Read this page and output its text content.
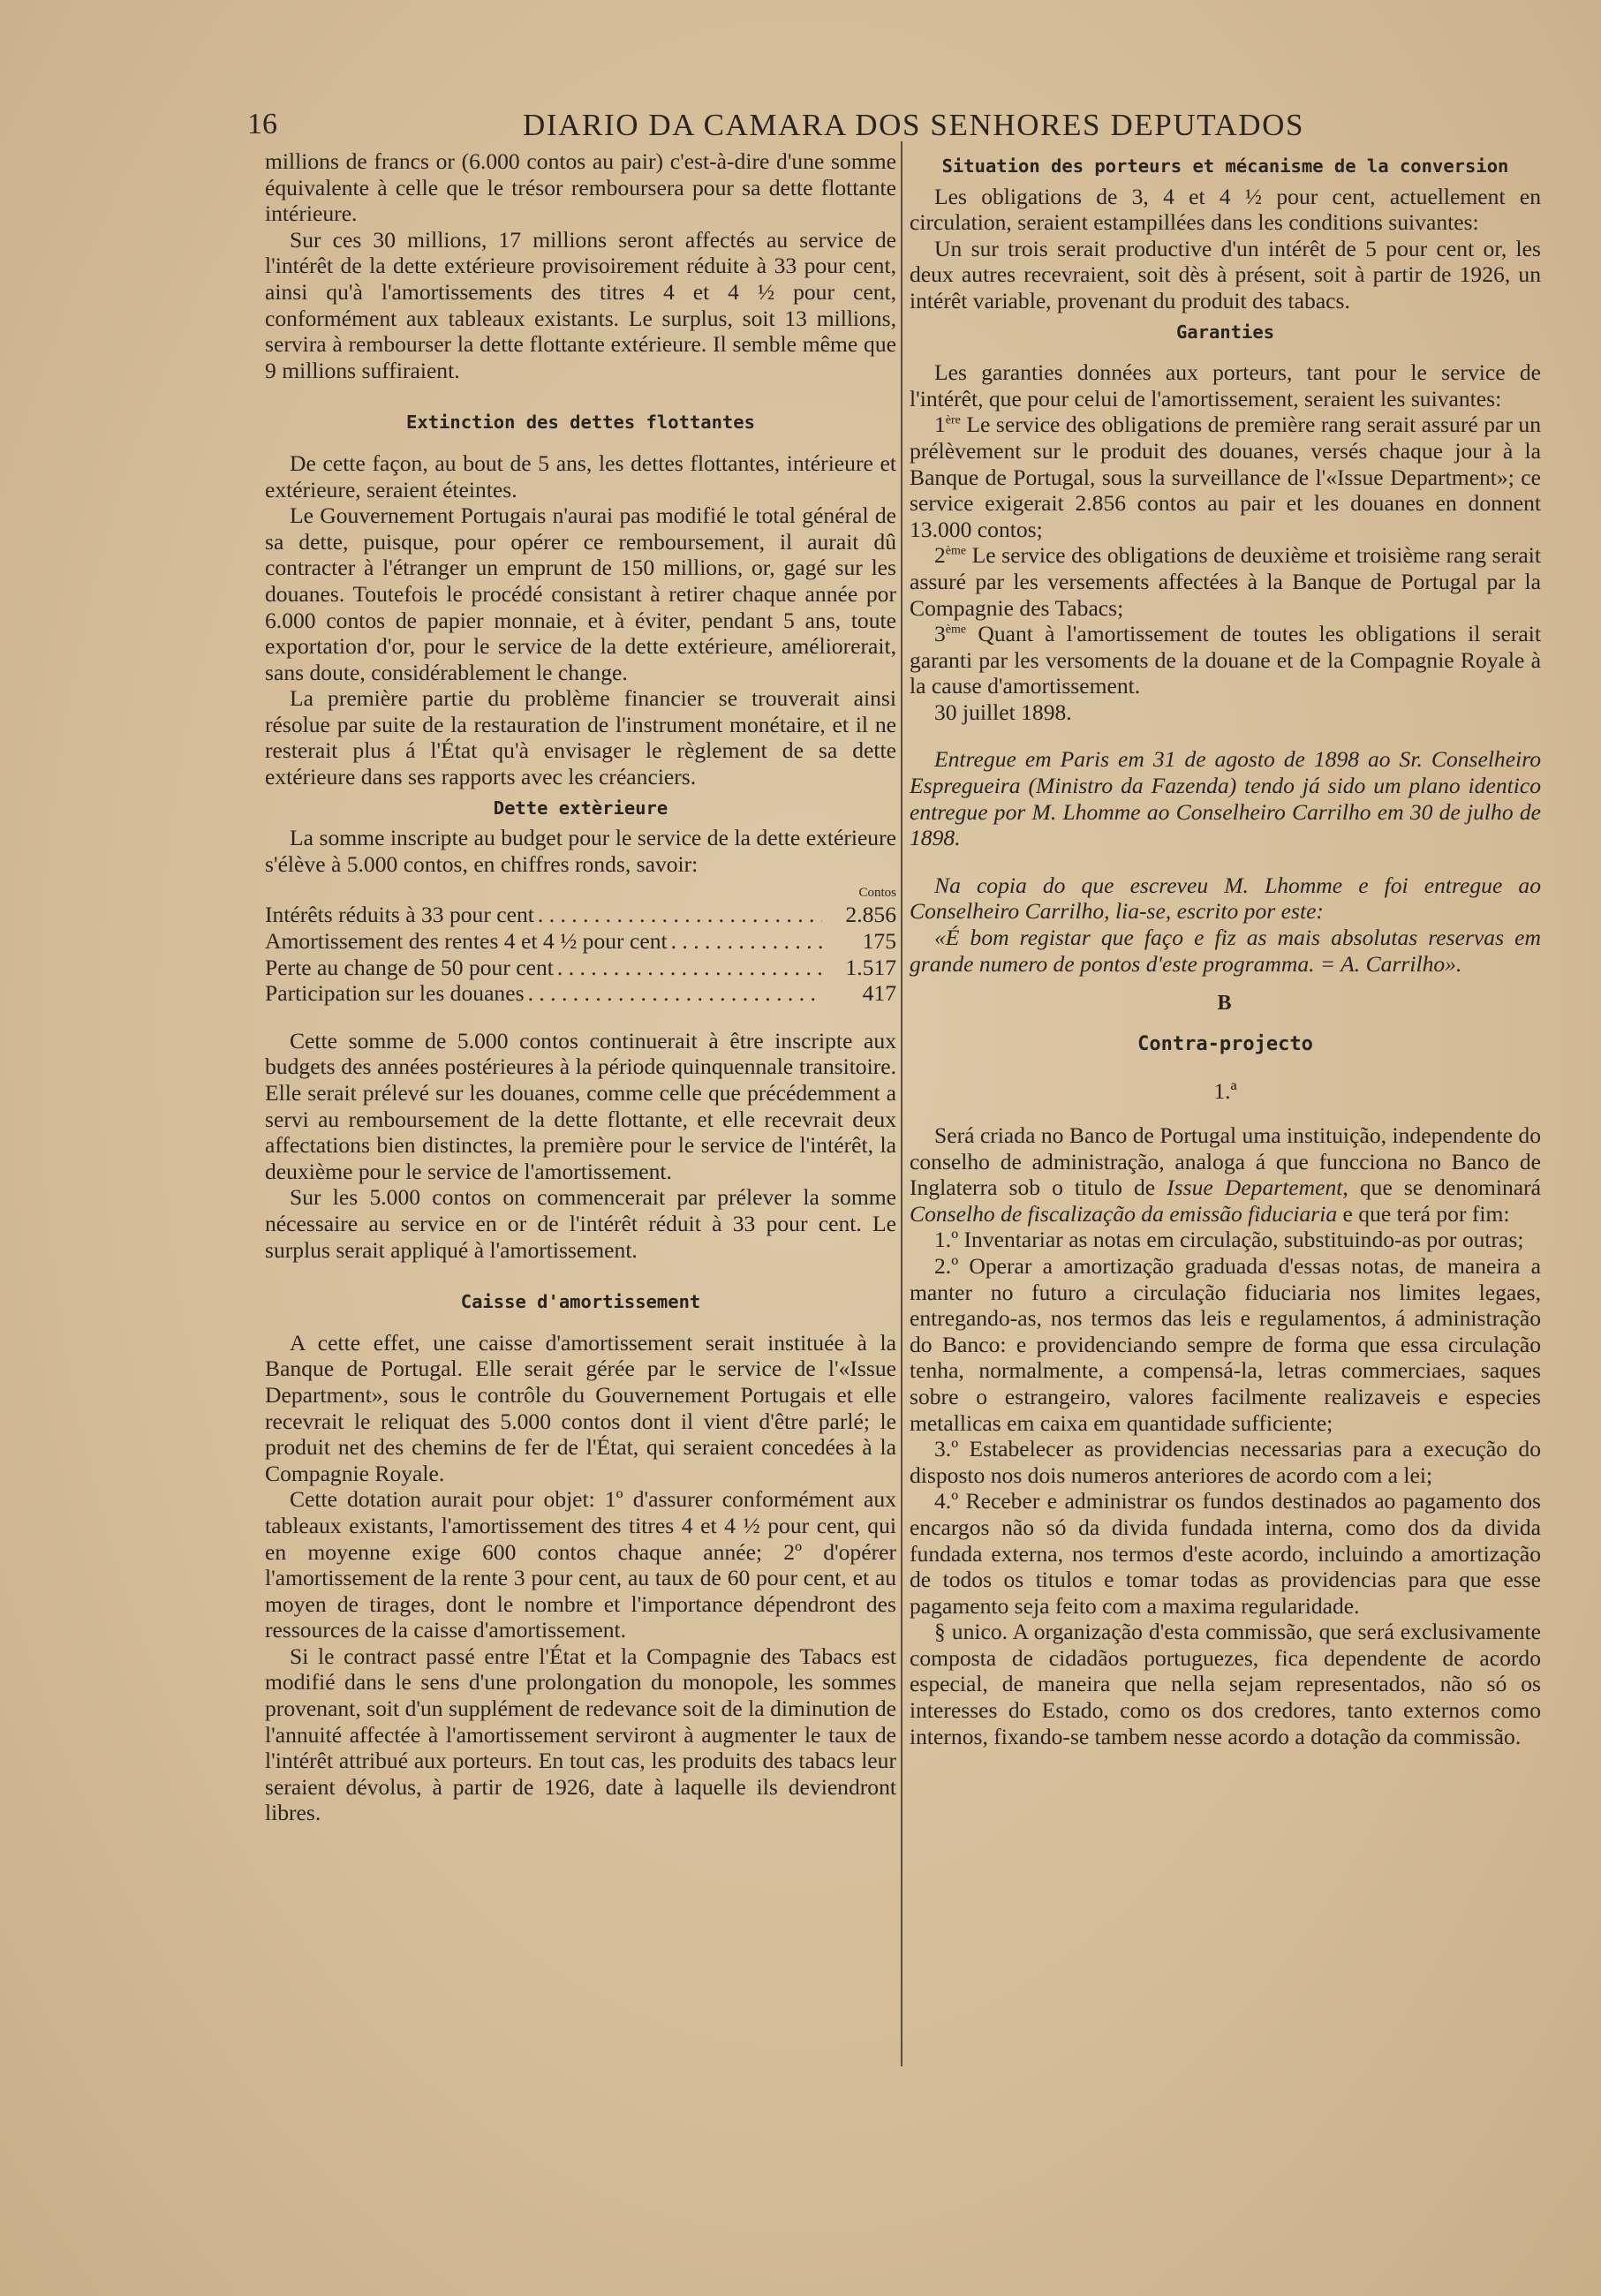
16	DIARIO DA CAMARA DOS SENHORES DEPUTADOS

millions de francs or (6.000 contos au pair) c'est-à-dire d'une somme équivalente à celle que le trésor remboursera pour sa dette flottante intérieure.

Sur ces 30 millions, 17 millions seront affectés au service de l'intérêt de la dette extérieure provisoirement réduite à 33 pour cent, ainsi qu'à l'amortissements des titres 4 et 4 ½ pour cent, conformément aux tableaux existants. Le surplus, soit 13 millions, servira à rembourser la dette flottante extérieure. Il semble même que 9 millions suffiraient.

Extinction des dettes flottantes

De cette façon, au bout de 5 ans, les dettes flottantes, intérieure et extérieure, seraient éteintes.

Le Gouvernement Portugais n'aurai pas modifié le total général de sa dette, puisque, pour opérer ce remboursement, il aurait dû contracter à l'étranger un emprunt de 150 millions, or, gagé sur les douanes. Toutefois le procédé consistant à retirer chaque année por 6.000 contos de papier monnaie, et à éviter, pendant 5 ans, toute exportation d'or, pour le service de la dette extérieure, améliorerait, sans doute, considérablement le change.

La première partie du problème financier se trouverait ainsi résolue par suite de la restauration de l'instrument monétaire, et il ne resterait plus á l'État qu'à envisager le règlement de sa dette extérieure dans ses rapports avec les créanciers.

Dette extèrieure

La somme inscripte au budget pour le service de la dette extérieure s'élève à 5.000 contos, en chiffres ronds, savoir:

Contos
Intérêts réduits à 33 pour cent . . .	2.856
Amortissement des rentes 4 et 4 ½ pour cent . . .	175
Perte au change de 50 pour cent . . .	1.517
Participation sur les douanes . . .	417

Cette somme de 5.000 contos continuerait à être inscripte aux budgets des années postérieures à la période quinquennale transitoire. Elle serait prélevé sur les douanes, comme celle que précédemment a servi au remboursement de la dette flottante, et elle recevrait deux affectations bien distinctes, la première pour le service de l'intérêt, la deuxième pour le service de l'amortissement.

Sur les 5.000 contos on commencerait par prélever la somme nécessaire au service en or de l'intérêt réduit à 33 pour cent. Le surplus serait appliqué à l'amortissement.

Caisse d'amortissement

A cette effet, une caisse d'amortissement serait instituée à la Banque de Portugal. Elle serait gérée par le service de l'«Issue Department», sous le contrôle du Gouvernement Portugais et elle recevrait le reliquat des 5.000 contos dont il vient d'être parlé; le produit net des chemins de fer de l'État, qui seraient concedées à la Compagnie Royale.

Cette dotation aurait pour objet: 1º d'assurer conformément aux tableaux existants, l'amortissement des titres 4 et 4 ½ pour cent, qui en moyenne exige 600 contos chaque année; 2º d'opérer l'amortissement de la rente 3 pour cent, au taux de 60 pour cent, et au moyen de tirages, dont le nombre et l'importance dépendront des ressources de la caisse d'amortissement.

Si le contract passé entre l'État et la Compagnie des Tabacs est modifié dans le sens d'une prolongation du monopole, les sommes provenant, soit d'un supplément de redevance soit de la diminution de l'annuité affectée à l'amortissement serviront à augmenter le taux de l'intérêt attribué aux porteurs. En tout cas, les produits des tabacs leur seraient dévolus, à partir de 1926, date à laquelle ils deviendront libres.

Situation des porteurs et mécanisme de la conversion

Les obligations de 3, 4 et 4 ½ pour cent, actuellement en circulation, seraient estampillées dans les conditions suivantes:

Un sur trois serait productive d'un intérêt de 5 pour cent or, les deux autres recevraient, soit dès à présent, soit à partir de 1926, un intérêt variable, provenant du produit des tabacs.

Garanties

Les garanties données aux porteurs, tant pour le service de l'intérêt, que pour celui de l'amortissement, seraient les suivantes:

1ère Le service des obligations de première rang serait assuré par un prélèvement sur le produit des douanes, versés chaque jour à la Banque de Portugal, sous la surveillance de l'«Issue Department»; ce service exigerait 2.856 contos au pair et les douanes en donnent 13.000 contos;

2ème Le service des obligations de deuxième et troisième rang serait assuré par les versements affectées à la Banque de Portugal par la Compagnie des Tabacs;

3ème Quant à l'amortissement de toutes les obligations il serait garanti par les versoments de la douane et de la Compagnie Royale à la cause d'amortissement.

30 juillet 1898.

Entregue em Paris em 31 de agosto de 1898 ao Sr. Conselheiro Espregueira (Ministro da Fazenda) tendo já sido um plano identico entregue por M. Lhomme ao Conselheiro Carrilho em 30 de julho de 1898.

Na copia do que escreveu M. Lhomme e foi entregue ao Conselheiro Carrilho, lia-se, escrito por este:

«É bom registar que faço e fiz as mais absolutas reservas em grande numero de pontos d'este programma. = A. Carrilho».

B
Contra-projecto
1.ª

Será criada no Banco de Portugal uma instituição, independente do conselho de administração, analoga á que funcciona no Banco de Inglaterra sob o titulo de Issue Departement, que se denominará Conselho de fiscalização da emissão fiduciaria e que terá por fim:

1.º Inventariar as notas em circulação, substituindo-as por outras;

2.º Operar a amortização graduada d'essas notas, de maneira a manter no futuro a circulação fiduciaria nos limites legaes, entregando-as, nos termos das leis e regulamentos, á administração do Banco: e providenciando sempre de forma que essa circulação tenha, normalmente, a compensá-la, letras commerciaes, saques sobre o estrangeiro, valores facilmente realizaveis e especies metallicas em caixa em quantidade sufficiente;

3.º Estabelecer as providencias necessarias para a execução do disposto nos dois numeros anteriores de acordo com a lei;

4.º Receber e administrar os fundos destinados ao pagamento dos encargos não só da divida fundada interna, como dos da divida fundada externa, nos termos d'este acordo, incluindo a amortização de todos os titulos e tomar todas as providencias para que esse pagamento seja feito com a maxima regularidade.

§ unico. A organização d'esta commissão, que será exclusivamente composta de cidadãos portuguezes, fica dependente de acordo especial, de maneira que nella sejam representados, não só os interesses do Estado, como os dos credores, tanto externos como internos, fixando-se tambem nesse acordo a dotação da commissão.
